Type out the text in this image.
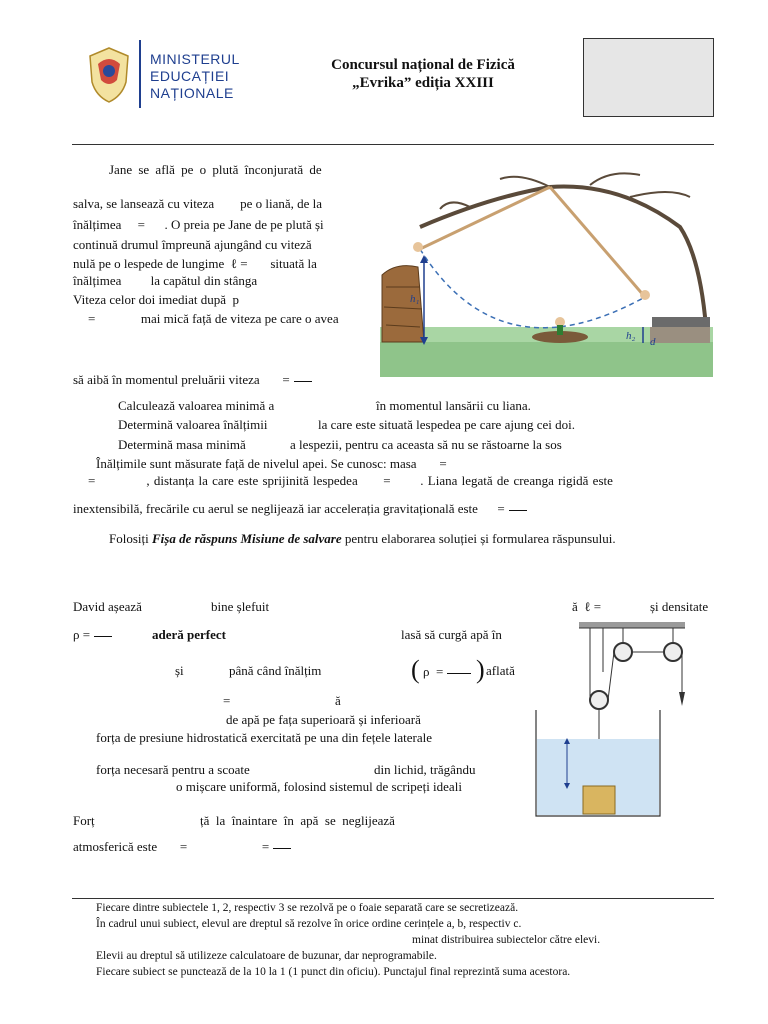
MINISTERUL
EDUCAȚIEI
NAȚIONALE
Concursul național de Fizică
„Evrika” ediția XXIII
Jane se află pe o plută înconjurată de
salva, se lansează cu viteza        pe o liană, de la
înălțimea     =      . O preia pe Jane de pe plută și
continuă drumul împreună ajungând cu viteză
nulă pe o lespede de lungime  ℓ =       situată la
înălțimea         la capătul din stânga
Viteza celor doi imediat după  p
=              mai mică față de viteza pe care o avea
să aibă în momentul preluării viteza       =
Calculează valoarea minimă a	în momentul lansării cu liana.
Determină valoarea înălțimii	la care este situată lespedea pe care ajung cei doi.
Determină masa minimă	a lespezii, pentru ca aceasta să nu se răstoarne la sos
Înălțimile sunt măsurate față de nivelul apei. Se cunosc: masa       =
=            , distanța la care este sprijinită lespedea      =       . Liana legată de creanga rigidă este
inextensibilă, frecările cu aerul se neglijează iar accelerația gravitațională este      =
Folosiți Fișa de răspuns Misiune de salvare pentru elaborarea soluției și formularea răspunsului.
h₁
h₂ d
David așează	bine șlefuit	ă  ℓ =	și densitate
ρ =	aderă perfect	lasă să curgă apă în
și	până când înălțim	( ρ  =	) aflată
=	ă
de apă pe fața superioară și inferioară
forța de presiune hidrostatică exercitată pe una din fețele laterale
forța necesară pentru a scoate	din lichid, trăgându
o mișcare uniformă, folosind sistemul de scripeți ideali
Forț	ță  la  înaintare  în  apă  se  neglijează
atmosferică este       =                       =
Fiecare dintre subiectele 1, 2, respectiv 3 se rezolvă pe o foaie separată care se secretizează.
În cadrul unui subiect, elevul are dreptul să rezolve în orice ordine cerințele a, b, respectiv c.
minat distribuirea subiectelor către elevi.
Elevii au dreptul să utilizeze calculatoare de buzunar, dar neprogramabile.
Fiecare subiect se punctează de la 10 la 1 (1 punct din oficiu). Punctajul final reprezintă suma acestora.
